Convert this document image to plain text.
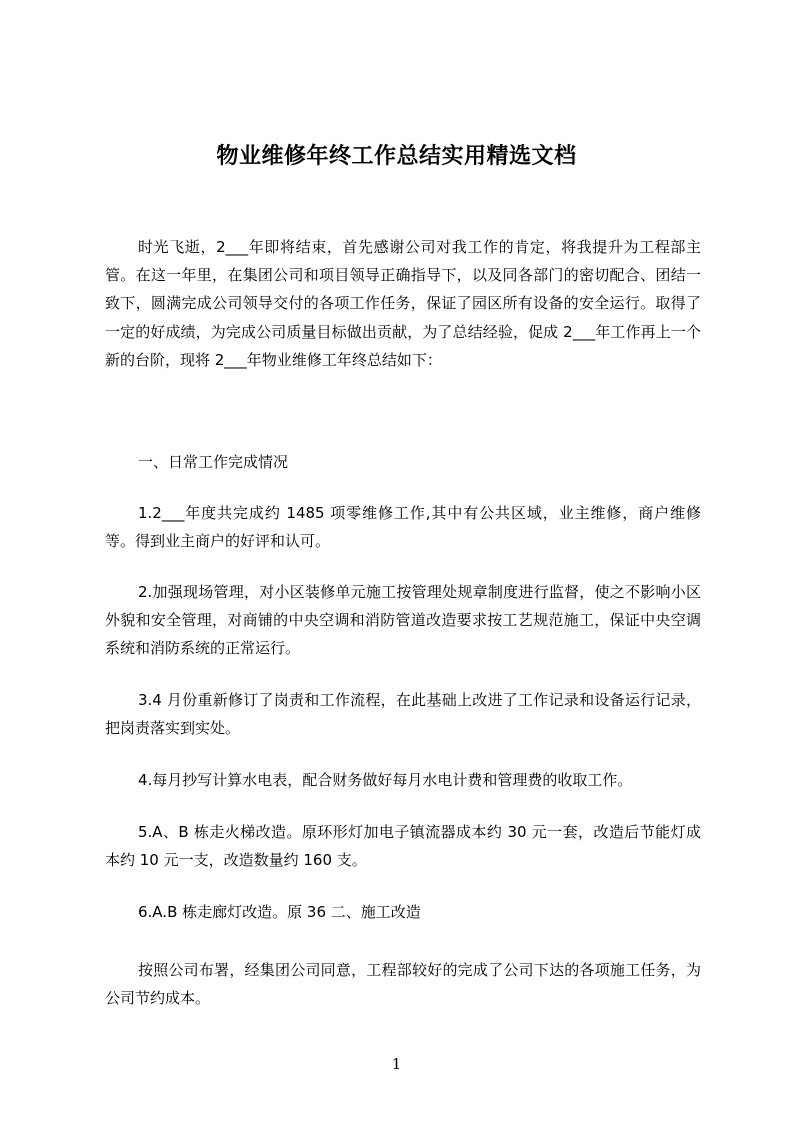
物业维修年终工作总结实用精选文档
时光飞逝，2___年即将结束，首先感谢公司对我工作的肯定，将我提升为工程部主管。在这一年里，在集团公司和项目领导正确指导下，以及同各部门的密切配合、团结一致下，圆满完成公司领导交付的各项工作任务，保证了园区所有设备的安全运行。取得了一定的好成绩，为完成公司质量目标做出贡献，为了总结经验，促成 2___年工作再上一个新的台阶，现将 2___年物业维修工年终总结如下：
一、日常工作完成情况
1.2___年度共完成约 1485 项零维修工作,其中有公共区域，业主维修，商户维修等。得到业主商户的好评和认可。
2.加强现场管理，对小区装修单元施工按管理处规章制度进行监督，使之不影响小区外貌和安全管理，对商铺的中央空调和消防管道改造要求按工艺规范施工，保证中央空调系统和消防系统的正常运行。
3.4 月份重新修订了岗责和工作流程，在此基础上改进了工作记录和设备运行记录，把岗责落实到实处。
4.每月抄写计算水电表，配合财务做好每月水电计费和管理费的收取工作。
5.A、B 栋走火梯改造。原环形灯加电子镇流器成本约 30 元一套，改造后节能灯成本约 10 元一支，改造数量约 160 支。
6.A.B 栋走廊灯改造。原 36 二、施工改造
按照公司布署，经集团公司同意，工程部较好的完成了公司下达的各项施工任务，为公司节约成本。
1
